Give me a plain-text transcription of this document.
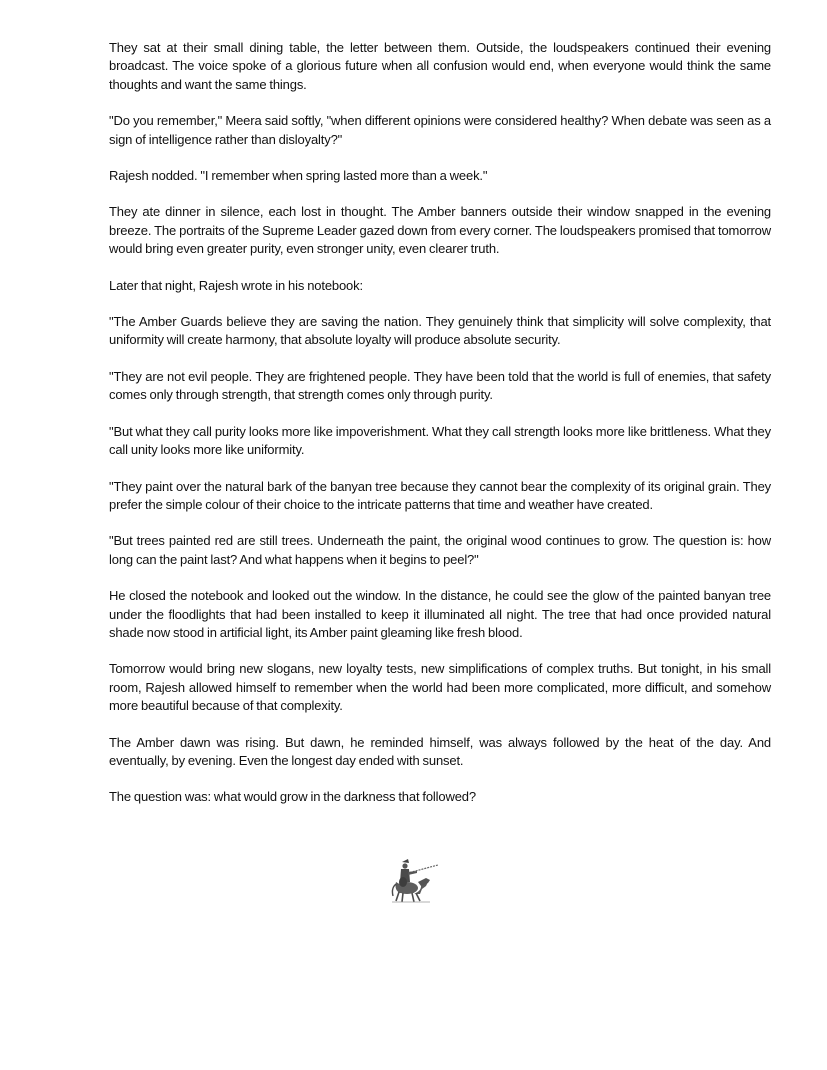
They sat at their small dining table, the letter between them. Outside, the loudspeakers continued their evening broadcast. The voice spoke of a glorious future when all confusion would end, when everyone would think the same thoughts and want the same things.

"Do you remember," Meera said softly, "when different opinions were considered healthy? When debate was seen as a sign of intelligence rather than disloyalty?"

Rajesh nodded. "I remember when spring lasted more than a week."

They ate dinner in silence, each lost in thought. The Amber banners outside their window snapped in the evening breeze. The portraits of the Supreme Leader gazed down from every corner. The loudspeakers promised that tomorrow would bring even greater purity, even stronger unity, even clearer truth.

Later that night, Rajesh wrote in his notebook:

"The Amber Guards believe they are saving the nation. They genuinely think that simplicity will solve complexity, that uniformity will create harmony, that absolute loyalty will produce absolute security.

"They are not evil people. They are frightened people. They have been told that the world is full of enemies, that safety comes only through strength, that strength comes only through purity.

"But what they call purity looks more like impoverishment. What they call strength looks more like brittleness. What they call unity looks more like uniformity.

"They paint over the natural bark of the banyan tree because they cannot bear the complexity of its original grain. They prefer the simple colour of their choice to the intricate patterns that time and weather have created.

"But trees painted red are still trees. Underneath the paint, the original wood continues to grow. The question is: how long can the paint last? And what happens when it begins to peel?"

He closed the notebook and looked out the window. In the distance, he could see the glow of the painted banyan tree under the floodlights that had been installed to keep it illuminated all night. The tree that had once provided natural shade now stood in artificial light, its Amber paint gleaming like fresh blood.

Tomorrow would bring new slogans, new loyalty tests, new simplifications of complex truths. But tonight, in his small room, Rajesh allowed himself to remember when the world had been more complicated, more difficult, and somehow more beautiful because of that complexity.

The Amber dawn was rising. But dawn, he reminded himself, was always followed by the heat of the day. And eventually, by evening. Even the longest day ended with sunset.

The question was: what would grow in the darkness that followed?
